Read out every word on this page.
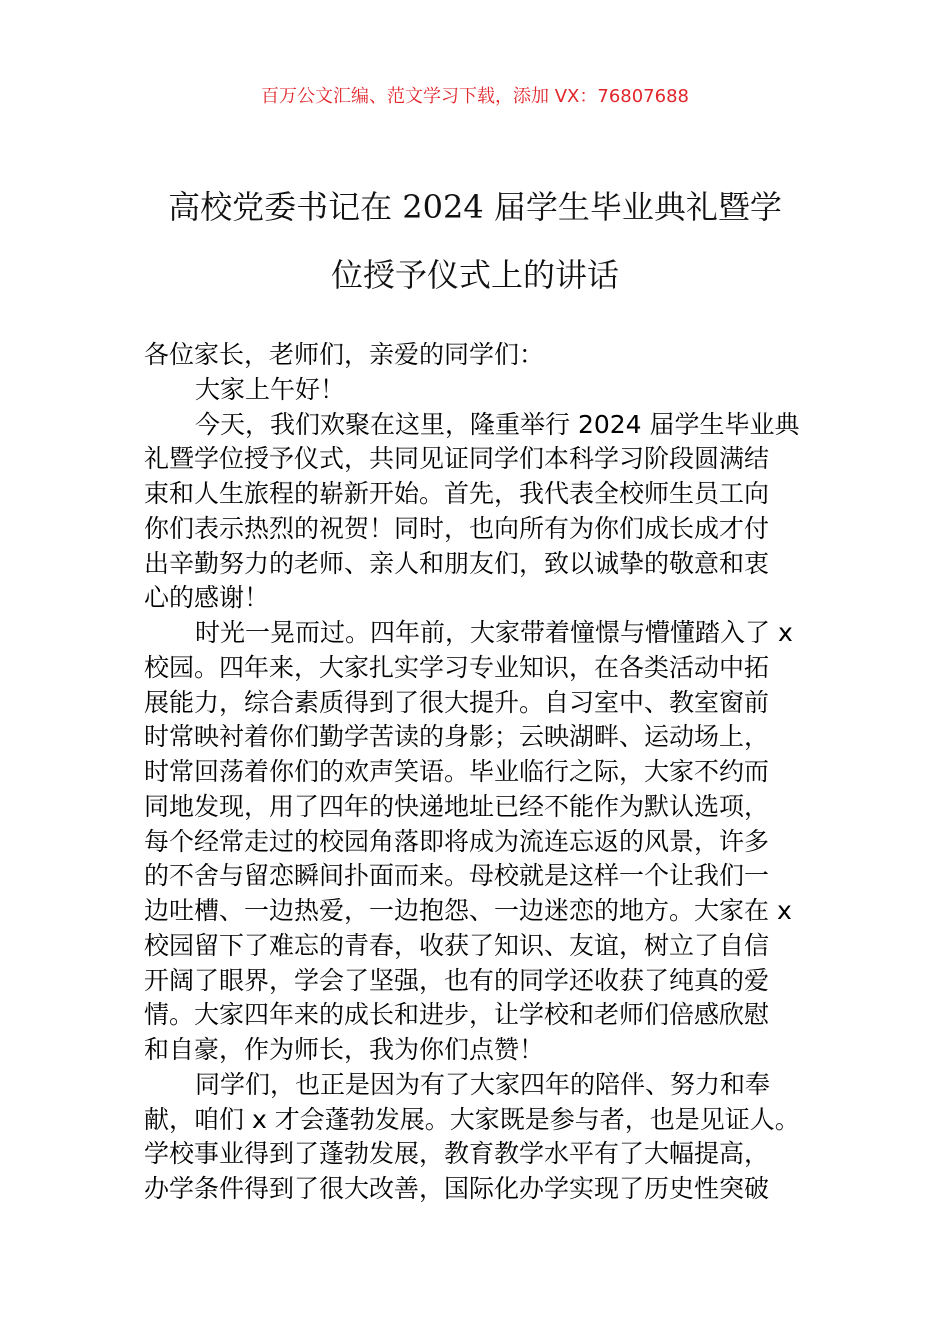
百万公文汇编、范文学习下载，添加 VX：76807688
高校党委书记在 2024 届学生毕业典礼暨学
位授予仪式上的讲话
各位家长，老师们，亲爱的同学们：
大家上午好！
今天，我们欢聚在这里，隆重举行 2024 届学生毕业典
礼暨学位授予仪式，共同见证同学们本科学习阶段圆满结
束和人生旅程的崭新开始。首先，我代表全校师生员工向
你们表示热烈的祝贺！同时，也向所有为你们成长成才付
出辛勤努力的老师、亲人和朋友们，致以诚挚的敬意和衷
心的感谢！
时光一晃而过。四年前，大家带着憧憬与懵懂踏入了 x
校园。四年来，大家扎实学习专业知识，在各类活动中拓
展能力，综合素质得到了很大提升。自习室中、教室窗前
时常映衬着你们勤学苦读的身影；云映湖畔、运动场上，
时常回荡着你们的欢声笑语。毕业临行之际，大家不约而
同地发现，用了四年的快递地址已经不能作为默认选项，
每个经常走过的校园角落即将成为流连忘返的风景，许多
的不舍与留恋瞬间扑面而来。母校就是这样一个让我们一
边吐槽、一边热爱，一边抱怨、一边迷恋的地方。大家在 x
校园留下了难忘的青春，收获了知识、友谊，树立了自信
开阔了眼界，学会了坚强，也有的同学还收获了纯真的爱
情。大家四年来的成长和进步，让学校和老师们倍感欣慰
和自豪，作为师长，我为你们点赞！
同学们，也正是因为有了大家四年的陪伴、努力和奉
献，咱们 x 才会蓬勃发展。大家既是参与者，也是见证人。
学校事业得到了蓬勃发展，教育教学水平有了大幅提高，
办学条件得到了很大改善，国际化办学实现了历史性突破
